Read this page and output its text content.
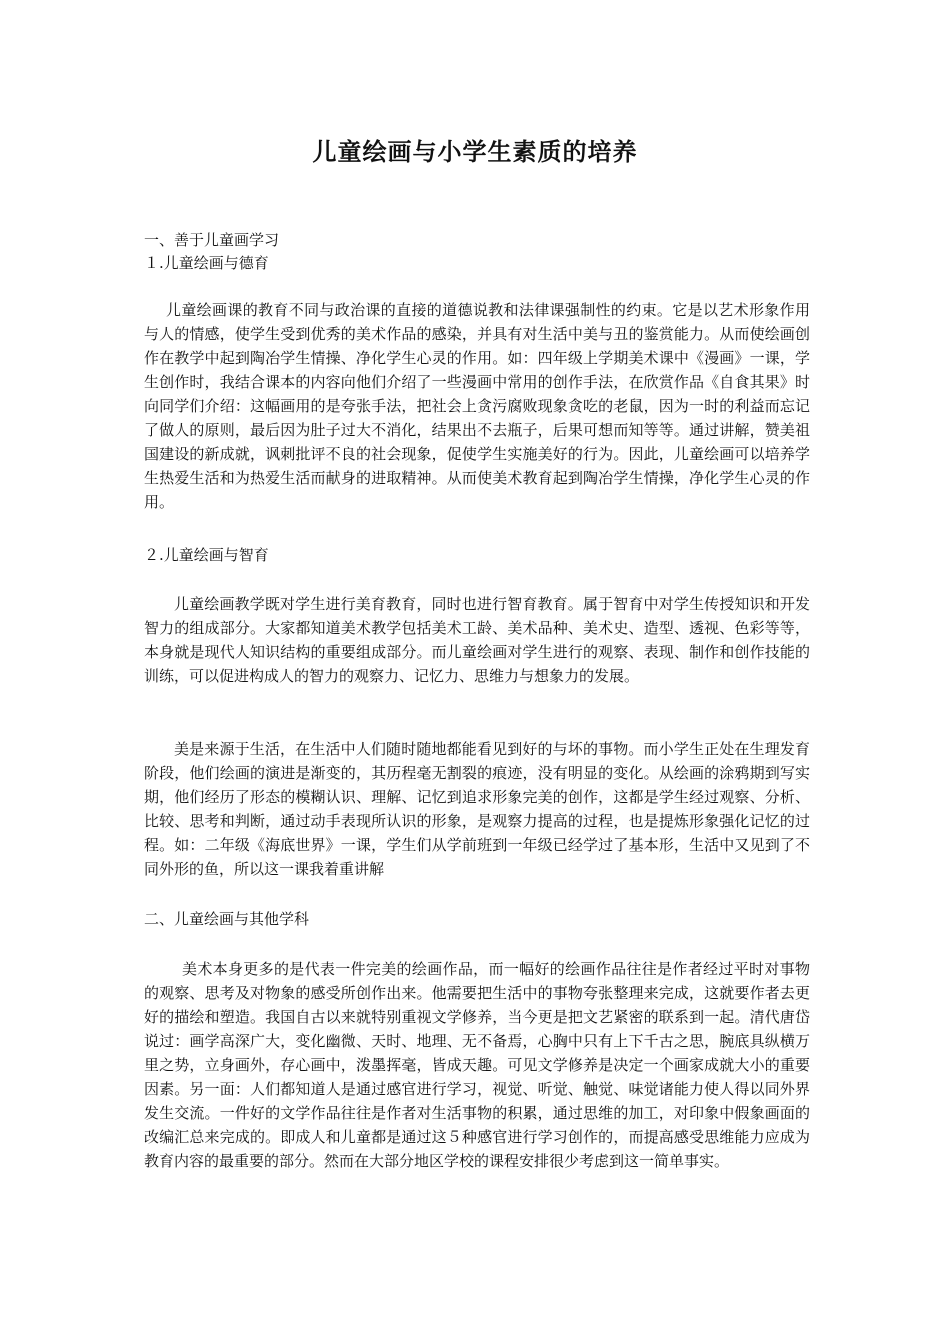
儿童绘画与小学生素质的培养
一、善于儿童画学习
１.儿童绘画与德育
儿童绘画课的教育不同与政治课的直接的道德说教和法律课强制性的约束。它是以艺术形象作用与人的情感，使学生受到优秀的美术作品的感染，并具有对生活中美与丑的鉴赏能力。从而使绘画创作在教学中起到陶冶学生情操、净化学生心灵的作用。如：四年级上学期美术课中《漫画》一课，学生创作时，我结合课本的内容向他们介绍了一些漫画中常用的创作手法，在欣赏作品《自食其果》时向同学们介绍：这幅画用的是夸张手法，把社会上贪污腐败现象贪吃的老鼠，因为一时的利益而忘记了做人的原则，最后因为肚子过大不消化，结果出不去瓶子，后果可想而知等等。通过讲解，赞美祖国建设的新成就，讽刺批评不良的社会现象，促使学生实施美好的行为。因此，儿童绘画可以培养学生热爱生活和为热爱生活而献身的进取精神。从而使美术教育起到陶冶学生情操，净化学生心灵的作用。
２.儿童绘画与智育
儿童绘画教学既对学生进行美育教育，同时也进行智育教育。属于智育中对学生传授知识和开发智力的组成部分。大家都知道美术教学包括美术工龄、美术品种、美术史、造型、透视、色彩等等，本身就是现代人知识结构的重要组成部分。而儿童绘画对学生进行的观察、表现、制作和创作技能的训练，可以促进构成人的智力的观察力、记忆力、思维力与想象力的发展。
美是来源于生活，在生活中人们随时随地都能看见到好的与坏的事物。而小学生正处在生理发育阶段，他们绘画的演进是渐变的，其历程毫无割裂的痕迹，没有明显的变化。从绘画的涂鸦期到写实期，他们经历了形态的模糊认识、理解、记忆到追求形象完美的创作，这都是学生经过观察、分析、比较、思考和判断，通过动手表现所认识的形象，是观察力提高的过程，也是提炼形象强化记忆的过程。如：二年级《海底世界》一课，学生们从学前班到一年级已经学过了基本形，生活中又见到了不同外形的鱼，所以这一课我着重讲解
二、儿童绘画与其他学科
美术本身更多的是代表一件完美的绘画作品，而一幅好的绘画作品往往是作者经过平时对事物的观察、思考及对物象的感受所创作出来。他需要把生活中的事物夸张整理来完成，这就要作者去更好的描绘和塑造。我国自古以来就特别重视文学修养，当今更是把文艺紧密的联系到一起。清代唐岱说过：画学高深广大，变化幽微、天时、地理、无不备焉，心胸中只有上下千古之思，腕底具纵横万里之势，立身画外，存心画中，泼墨挥毫，皆成天趣。可见文学修养是决定一个画家成就大小的重要因素。另一面：人们都知道人是通过感官进行学习，视觉、听觉、触觉、味觉诸能力使人得以同外界发生交流。一件好的文学作品往往是作者对生活事物的积累，通过思维的加工，对印象中假象画面的改编汇总来完成的。即成人和儿童都是通过这５种感官进行学习创作的，而提高感受思维能力应成为教育内容的最重要的部分。然而在大部分地区学校的课程安排很少考虑到这一简单事实。
